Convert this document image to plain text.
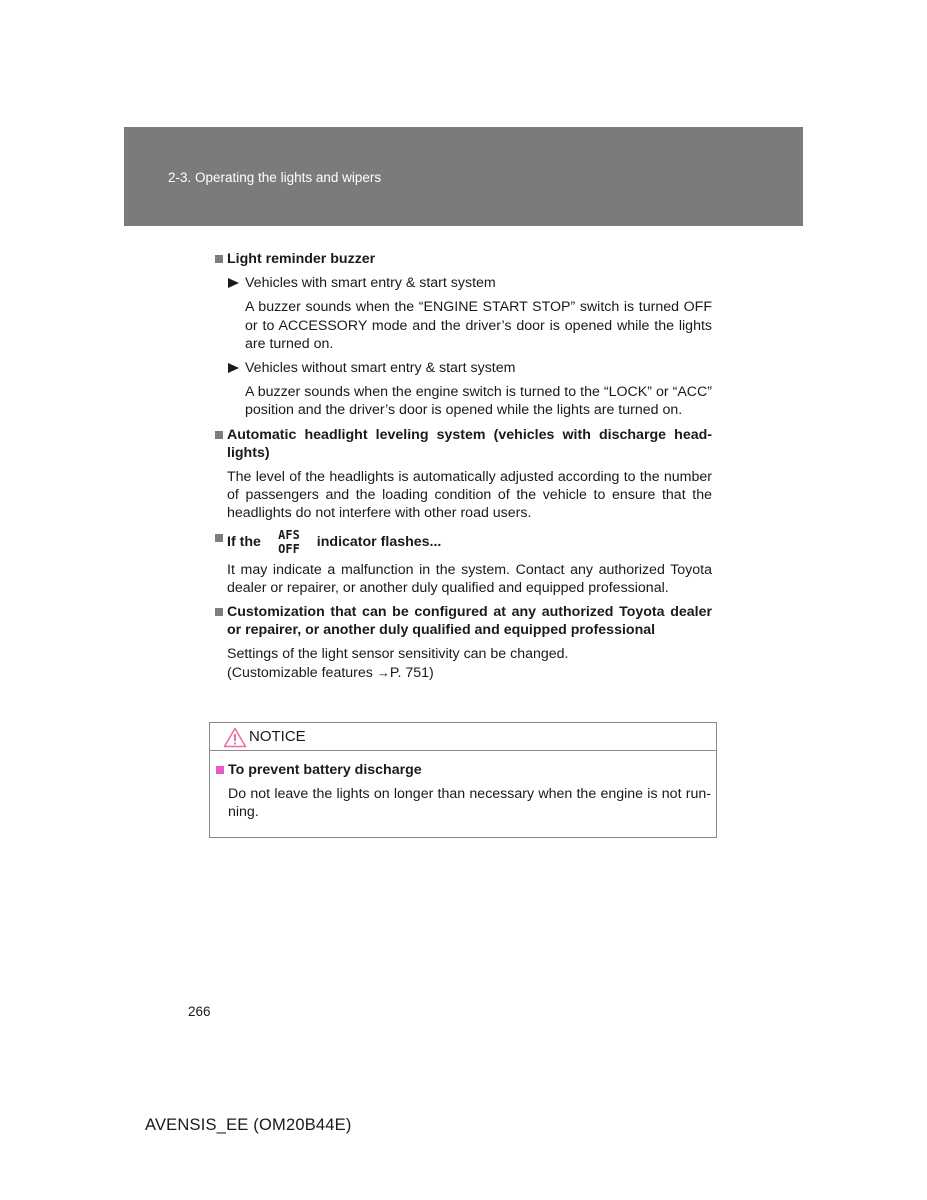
2-3. Operating the lights and wipers
Light reminder buzzer
Vehicles with smart entry & start system
A buzzer sounds when the “ENGINE START STOP” switch is turned OFF or to ACCESSORY mode and the driver’s door is opened while the lights are turned on.
Vehicles without smart entry & start system
A buzzer sounds when the engine switch is turned to the “LOCK” or “ACC” position and the driver’s door is opened while the lights are turned on.
Automatic headlight leveling system (vehicles with discharge head-lights)
The level of the headlights is automatically adjusted according to the number of passengers and the loading condition of the vehicle to ensure that the headlights do not interfere with other road users.
If the AFS
OFF indicator flashes...
It may indicate a malfunction in the system. Contact any authorized Toyota dealer or repairer, or another duly qualified and equipped professional.
Customization that can be configured at any authorized Toyota dealer or repairer, or another duly qualified and equipped professional
Settings of the light sensor sensitivity can be changed.
(Customizable features →P. 751)
NOTICE
To prevent battery discharge
Do not leave the lights on longer than necessary when the engine is not run-ning.
266
AVENSIS_EE (OM20B44E)
